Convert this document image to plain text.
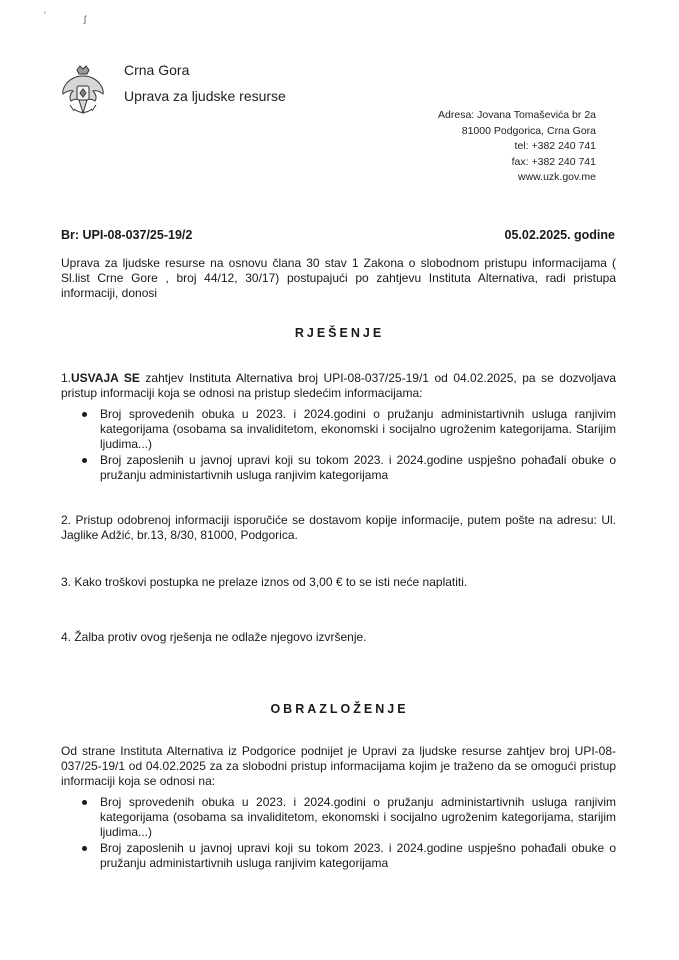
‘	ʃ
Crna Gora
Uprava za ljudske resurse
Adresa: Jovana Tomaševića br 2a
81000 Podgorica, Crna Gora
tel: +382 240 741
fax: +382 240 741
www.uzk.gov.me
Br: UPI-08-037/25-19/2	05.02.2025. godine
Uprava za ljudske resurse na osnovu člana 30 stav 1 Zakona o slobodnom pristupu informacijama ( Sl.list Crne Gore , broj 44/12, 30/17) postupajući po zahtjevu Instituta Alternativa, radi pristupa informaciji, donosi
RJEŠENJE
1.USVAJA SE zahtjev Instituta Alternativa broj UPI-08-037/25-19/1 od 04.02.2025, pa se dozvoljava pristup informaciji koja se odnosi na pristup sledećim informacijama:
Broj sprovedenih obuka u 2023. i 2024.godini o pružanju administartivnih usluga ranjivim kategorijama (osobama sa invaliditetom, ekonomski i socijalno ugroženim kategorijama. Starijim ljudima...)
Broj zaposlenih u javnoj upravi koji su tokom 2023. i 2024.godine uspješno pohađali obuke o pružanju administartivnih usluga ranjivim kategorijama
2. Pristup odobrenoj informaciji isporučiće se dostavom kopije informacije, putem pošte na adresu: Ul. Jaglike Adžić, br.13, 8/30, 81000, Podgorica.
3. Kako troškovi postupka ne prelaze iznos od 3,00 € to se isti neće naplatiti.
4. Žalba protiv ovog rješenja ne odlaže njegovo izvršenje.
OBRAZLOŽENJE
Od strane Instituta Alternativa iz Podgorice podnijet je Upravi za ljudske resurse zahtjev broj UPI-08-037/25-19/1 od 04.02.2025 za za slobodni pristup informacijama kojim je traženo da se omogući pristup informaciji koja se odnosi na:
Broj sprovedenih obuka u 2023. i 2024.godini o pružanju administartivnih usluga ranjivim kategorijama (osobama sa invaliditetom, ekonomski i socijalno ugroženim kategorijama, starijim ljudima...)
Broj zaposlenih u javnoj upravi koji su tokom 2023. i 2024.godine uspješno pohađali obuke o pružanju administartivnih usluga ranjivim kategorijama
